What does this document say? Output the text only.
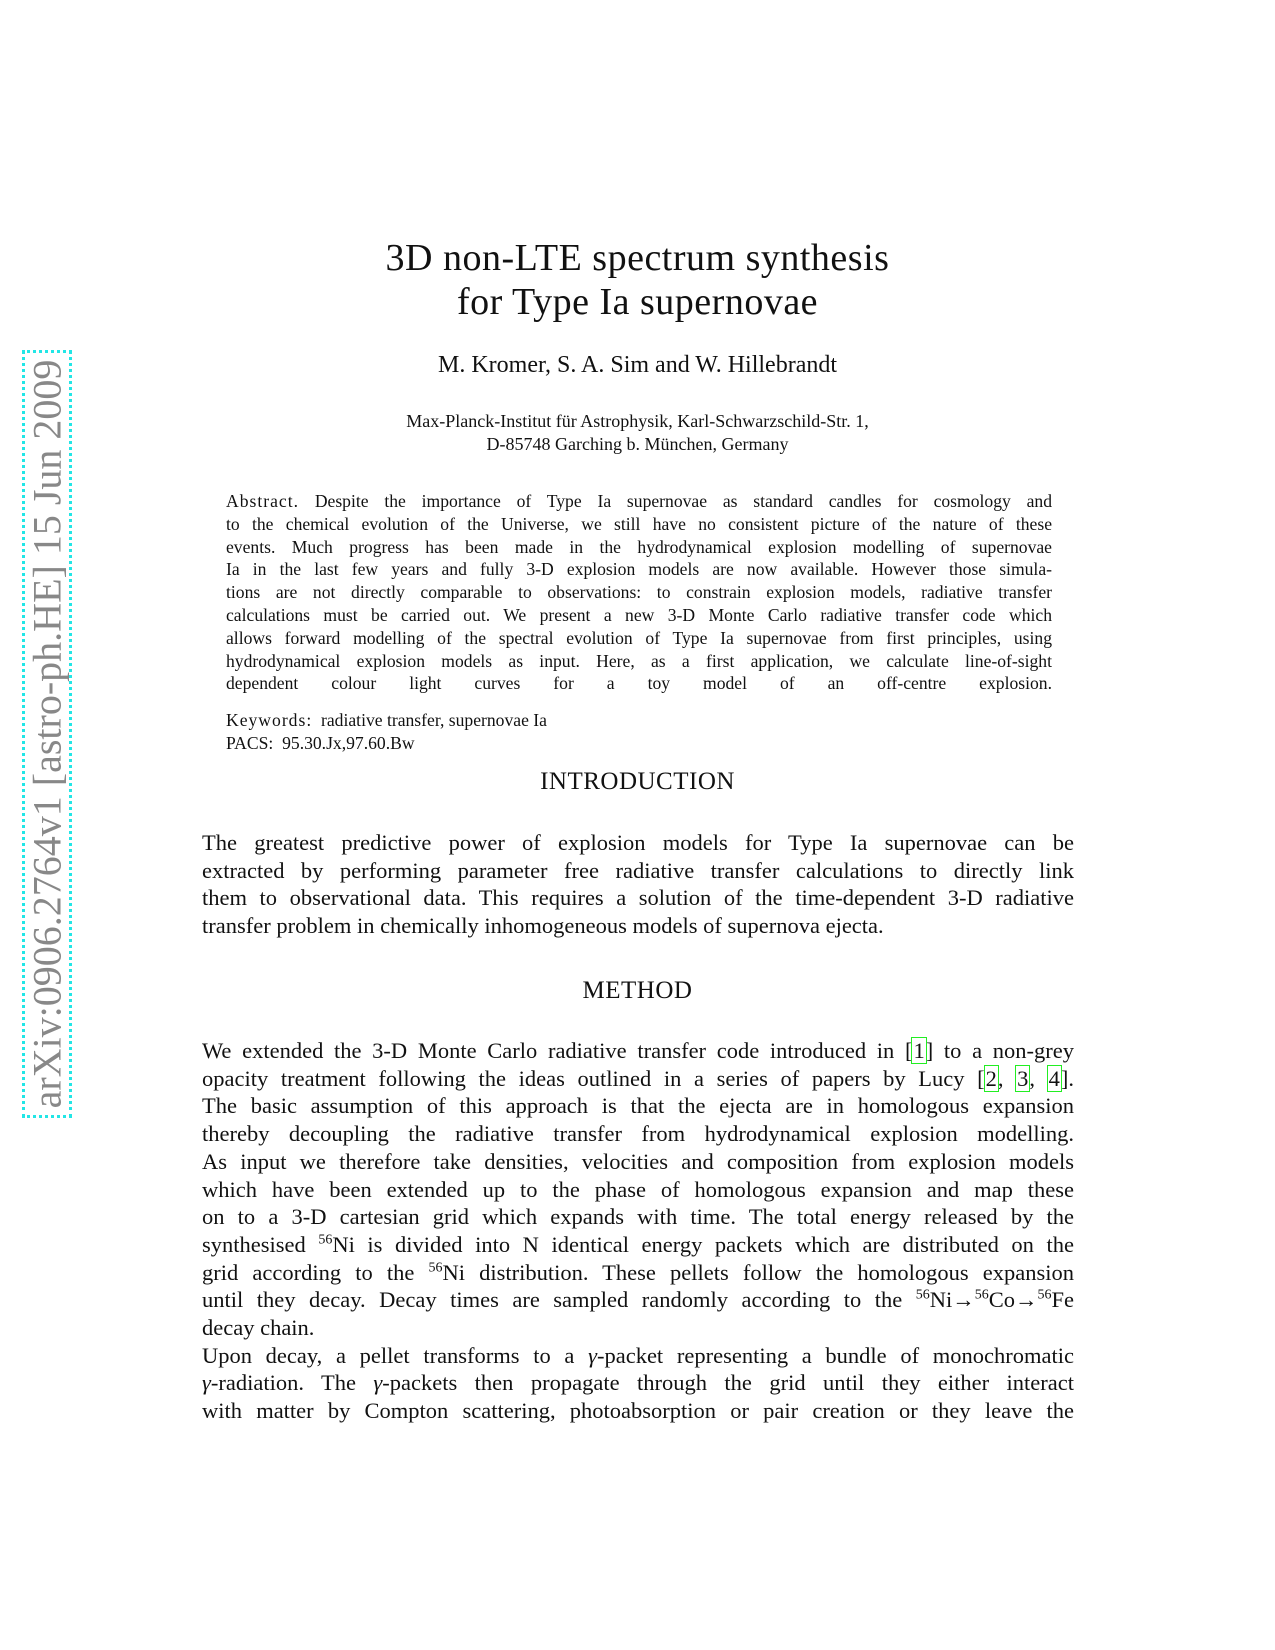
arXiv:0906.2764v1 [astro-ph.HE] 15 Jun 2009
3D non-LTE spectrum synthesis
for Type Ia supernovae
M. Kromer, S. A. Sim and W. Hillebrandt
Max-Planck-Institut für Astrophysik, Karl-Schwarzschild-Str. 1,
D-85748 Garching b. München, Germany
Abstract. Despite the importance of Type Ia supernovae as standard candles for cosmology and
to the chemical evolution of the Universe, we still have no consistent picture of the nature of these
events. Much progress has been made in the hydrodynamical explosion modelling of supernovae
Ia in the last few years and fully 3-D explosion models are now available. However those simula-
tions are not directly comparable to observations: to constrain explosion models, radiative transfer
calculations must be carried out. We present a new 3-D Monte Carlo radiative transfer code which
allows forward modelling of the spectral evolution of Type Ia supernovae from first principles, using
hydrodynamical explosion models as input. Here, as a first application, we calculate line-of-sight
dependent colour light curves for a toy model of an off-centre explosion.
Keywords: radiative transfer, supernovae Ia
PACS: 95.30.Jx,97.60.Bw
INTRODUCTION
The greatest predictive power of explosion models for Type Ia supernovae can be
extracted by performing parameter free radiative transfer calculations to directly link
them to observational data. This requires a solution of the time-dependent 3-D radiative
transfer problem in chemically inhomogeneous models of supernova ejecta.
METHOD
We extended the 3-D Monte Carlo radiative transfer code introduced in [1] to a non-grey
opacity treatment following the ideas outlined in a series of papers by Lucy [2, 3, 4].
The basic assumption of this approach is that the ejecta are in homologous expansion
thereby decoupling the radiative transfer from hydrodynamical explosion modelling.
As input we therefore take densities, velocities and composition from explosion models
which have been extended up to the phase of homologous expansion and map these
on to a 3-D cartesian grid which expands with time. The total energy released by the
synthesised $^{56}$Ni is divided into N identical energy packets which are distributed on the
grid according to the $^{56}$Ni distribution. These pellets follow the homologous expansion
until they decay. Decay times are sampled randomly according to the $^{56}$Ni→$^{56}$Co→$^{56}$Fe
decay chain.
Upon decay, a pellet transforms to a γ-packet representing a bundle of monochromatic
γ-radiation. The γ-packets then propagate through the grid until they either interact
with matter by Compton scattering, photoabsorption or pair creation or they leave the
